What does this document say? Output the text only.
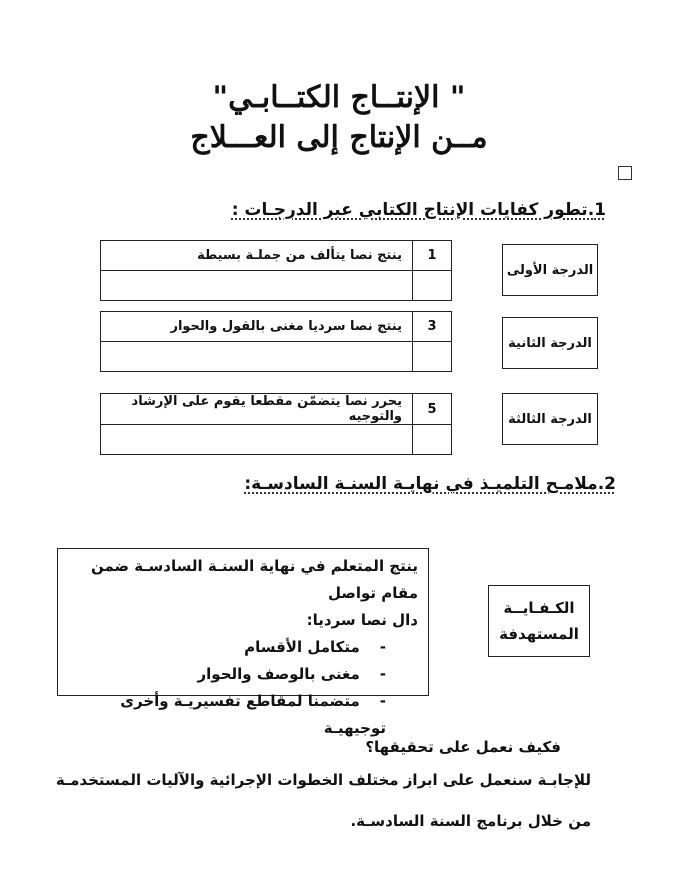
" الإنتــاج الكتــابـي"
مــن الإنتاج إلى العـــلاج
1.تطور كفايات الإنتاج الكتابي عبر الدرجـات :
الدرجة الأولى
1	ينتج نصا يتألف من جملـة بسيطة

الدرجة الثانية
3	ينتج نصا سرديا مغنى بالقول والحوار

الدرجة الثالثة
5	يحرر نصا يتضمّن مقطعا يقوم على الإرشاد والتوجيه

2.ملامـح التلميـذ في نهايـة السنـة السادسـة:
ينتج المتعلم في نهاية السنـة السادسـة ضمن مقام تواصل
دال نصا سرديا:
-متكامل الأقسام
-مغنى بالوصف والحوار
-متضمنا لمقاطع تفسيريـة وأخرى توجيهيـة
الكـفـايــة
المستهدفة
فكيف نعمل على تحقيقها؟
للإجابـة سنعمل على ابراز مختلف الخطوات الإجرائية والآليات المستخدمـة
من خلال برنامج السنة السادسـة.
